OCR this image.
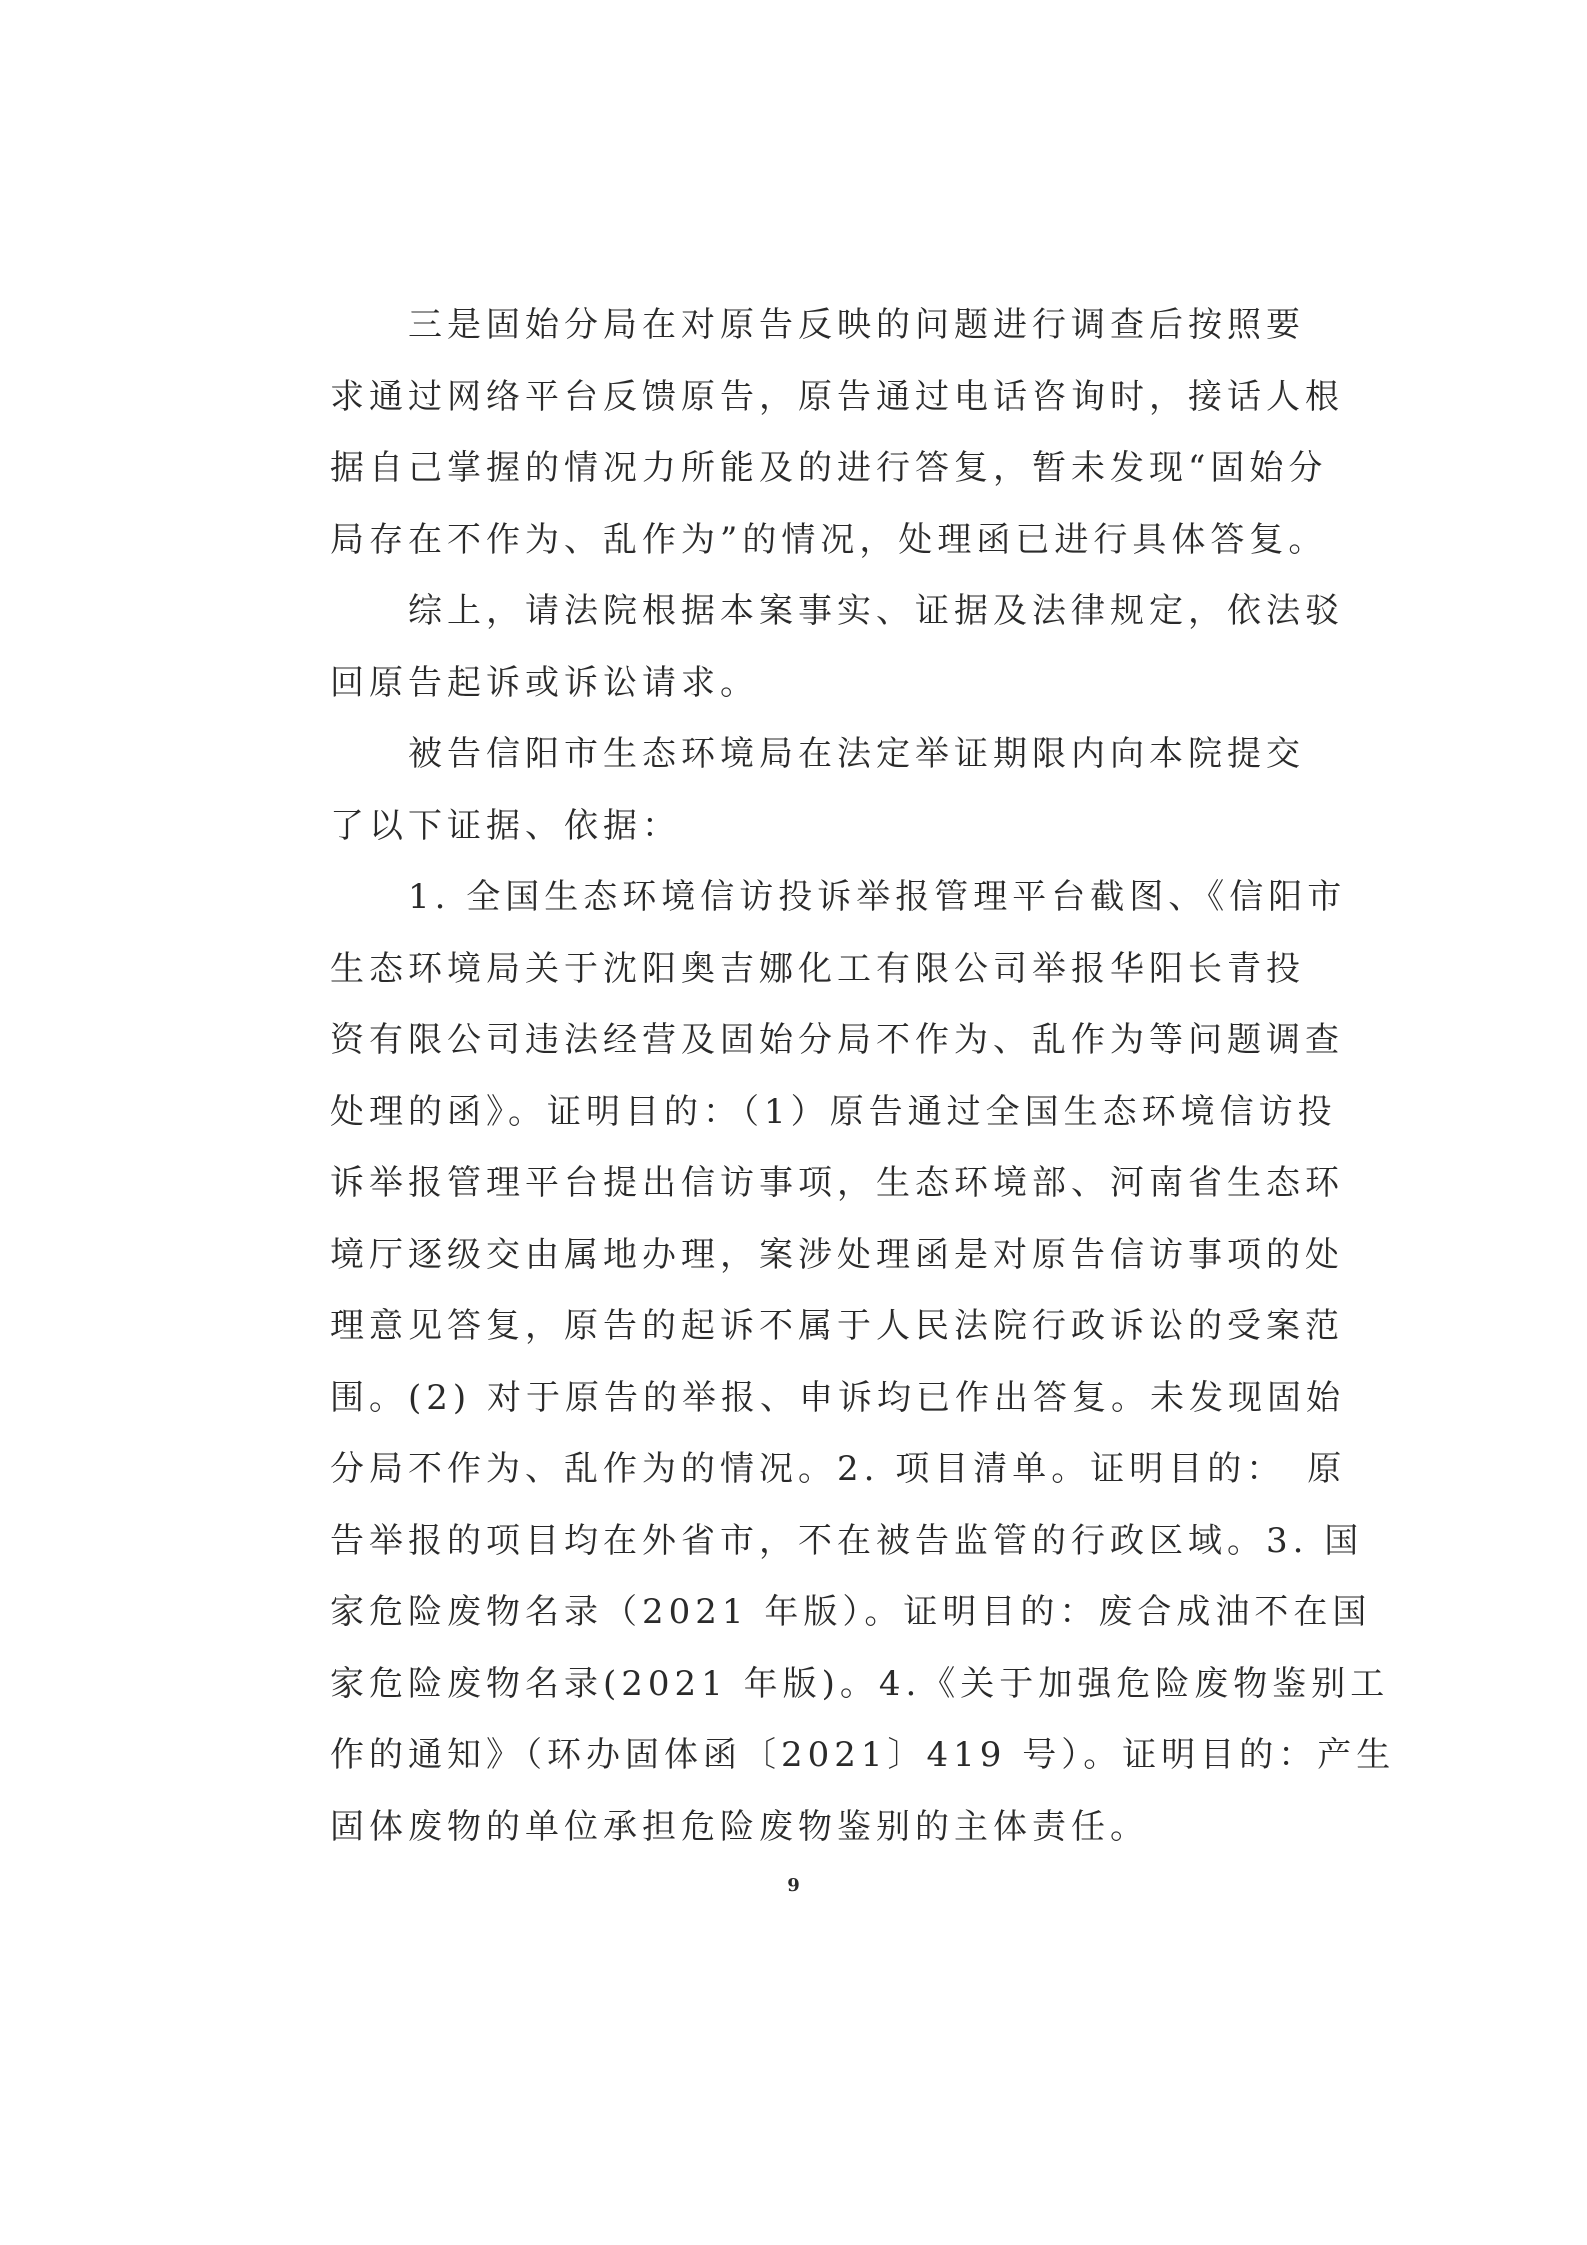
　　三是固始分局在对原告反映的问题进行调查后按照要
求通过网络平台反馈原告，原告通过电话咨询时，接话人根
据自己掌握的情况力所能及的进行答复，暂未发现“固始分
局存在不作为、乱作为”的情况，处理函已进行具体答复。
　　综上，请法院根据本案事实、证据及法律规定，依法驳
回原告起诉或诉讼请求。
　　被告信阳市生态环境局在法定举证期限内向本院提交
了以下证据、依据：
　　1. 全国生态环境信访投诉举报管理平台截图、《信阳市
生态环境局关于沈阳奥吉娜化工有限公司举报华阳长青投
资有限公司违法经营及固始分局不作为、乱作为等问题调查
处理的函》。证明目的：（1）原告通过全国生态环境信访投
诉举报管理平台提出信访事项，生态环境部、河南省生态环
境厅逐级交由属地办理，案涉处理函是对原告信访事项的处
理意见答复，原告的起诉不属于人民法院行政诉讼的受案范
围。(2) 对于原告的举报、申诉均已作出答复。未发现固始
分局不作为、乱作为的情况。2. 项目清单。证明目的：　原
告举报的项目均在外省市，不在被告监管的行政区域。3. 国
家危险废物名录（2021 年版）。证明目的：废合成油不在国
家危险废物名录(2021 年版)。4.《关于加强危险废物鉴别工
作的通知》（环办固体函〔2021〕419 号）。证明目的：产生
固体废物的单位承担危险废物鉴别的主体责任。
9
